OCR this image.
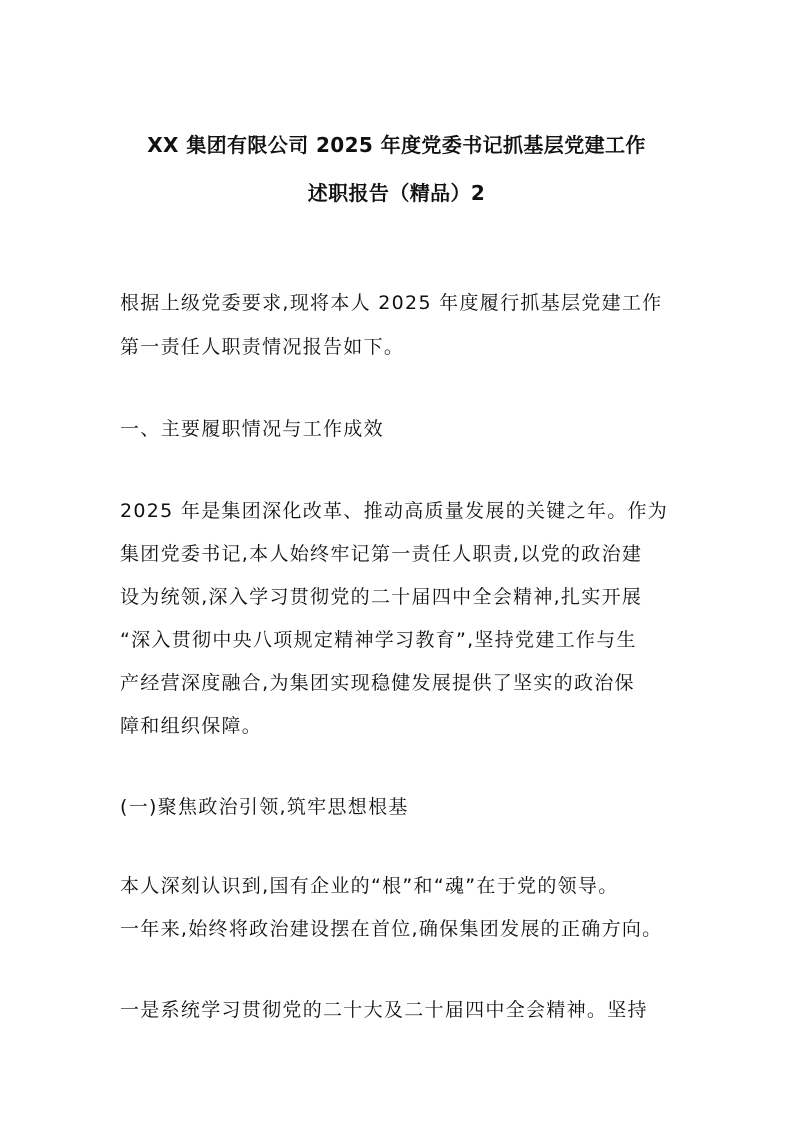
XX 集团有限公司 2025 年度党委书记抓基层党建工作
述职报告（精品）2

根据上级党委要求,现将本人 2025 年度履行抓基层党建工作

第一责任人职责情况报告如下。

一、主要履职情况与工作成效

2025 年是集团深化改革、推动高质量发展的关键之年。作为

集团党委书记,本人始终牢记第一责任人职责,以党的政治建

设为统领,深入学习贯彻党的二十届四中全会精神,扎实开展

“深入贯彻中央八项规定精神学习教育”,坚持党建工作与生

产经营深度融合,为集团实现稳健发展提供了坚实的政治保

障和组织保障。

(一)聚焦政治引领,筑牢思想根基

本人深刻认识到,国有企业的“根”和“魂”在于党的领导。

一年来,始终将政治建设摆在首位,确保集团发展的正确方向。

一是系统学习贯彻党的二十大及二十届四中全会精神。坚持
